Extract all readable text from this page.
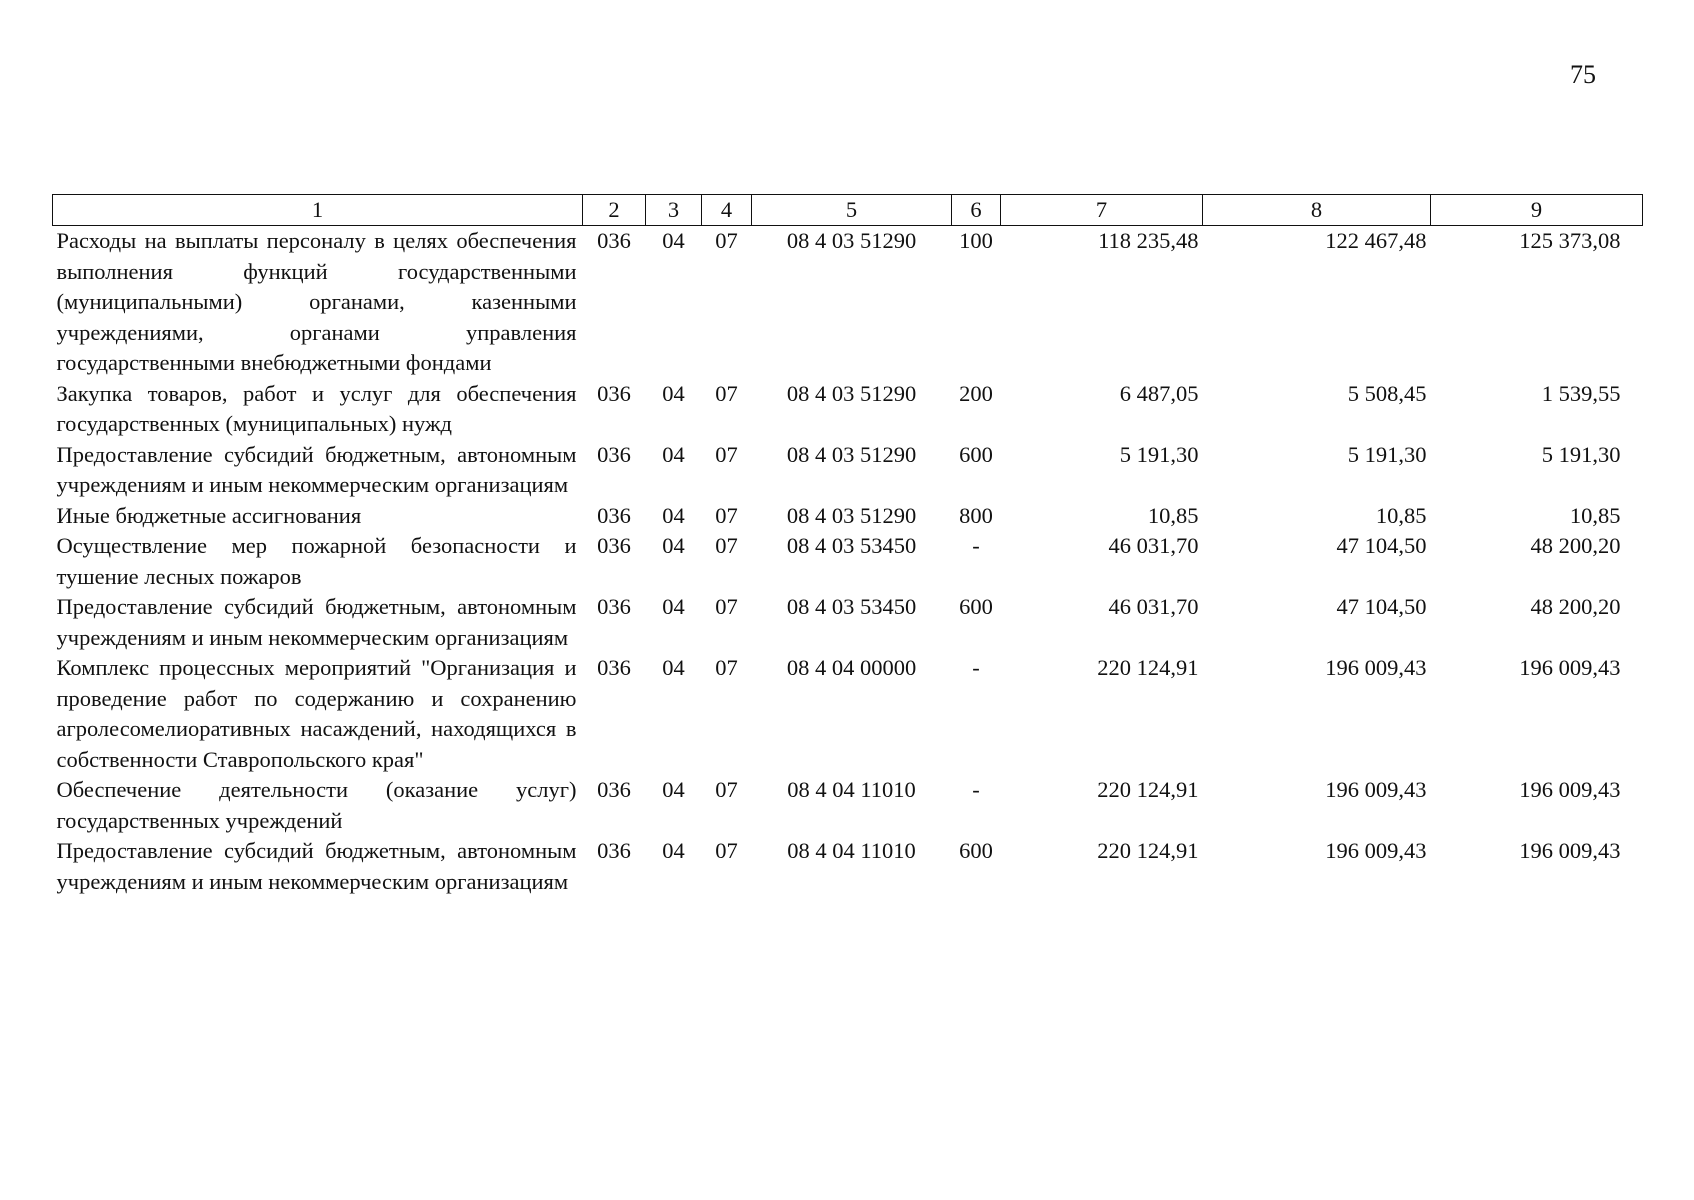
75
1	2	3	4	5	6	7	8	9
Расходы на выплаты персоналу в целях обеспечения выполнения функций государственными (муниципальными) органами, казенными учреждениями, органами управления государственными внебюджетными фондами	036	04	07	08 4 03 51290	100	118 235,48	122 467,48	125 373,08
Закупка товаров, работ и услуг для обеспечения государственных (муниципальных) нужд	036	04	07	08 4 03 51290	200	6 487,05	5 508,45	1 539,55
Предоставление субсидий бюджетным, автономным учреждениям и иным некоммерческим организациям	036	04	07	08 4 03 51290	600	5 191,30	5 191,30	5 191,30
Иные бюджетные ассигнования	036	04	07	08 4 03 51290	800	10,85	10,85	10,85
Осуществление мер пожарной безопасности и тушение лесных пожаров	036	04	07	08 4 03 53450	-	46 031,70	47 104,50	48 200,20
Предоставление субсидий бюджетным, автономным учреждениям и иным некоммерческим организациям	036	04	07	08 4 03 53450	600	46 031,70	47 104,50	48 200,20
Комплекс процессных мероприятий "Организация и проведение работ по содержанию и сохранению агролесомелиоративных насаждений, находящихся в собственности Ставропольского края"	036	04	07	08 4 04 00000	-	220 124,91	196 009,43	196 009,43
Обеспечение деятельности (оказание услуг) государственных учреждений	036	04	07	08 4 04 11010	-	220 124,91	196 009,43	196 009,43
Предоставление субсидий бюджетным, автономным учреждениям и иным некоммерческим организациям	036	04	07	08 4 04 11010	600	220 124,91	196 009,43	196 009,43
